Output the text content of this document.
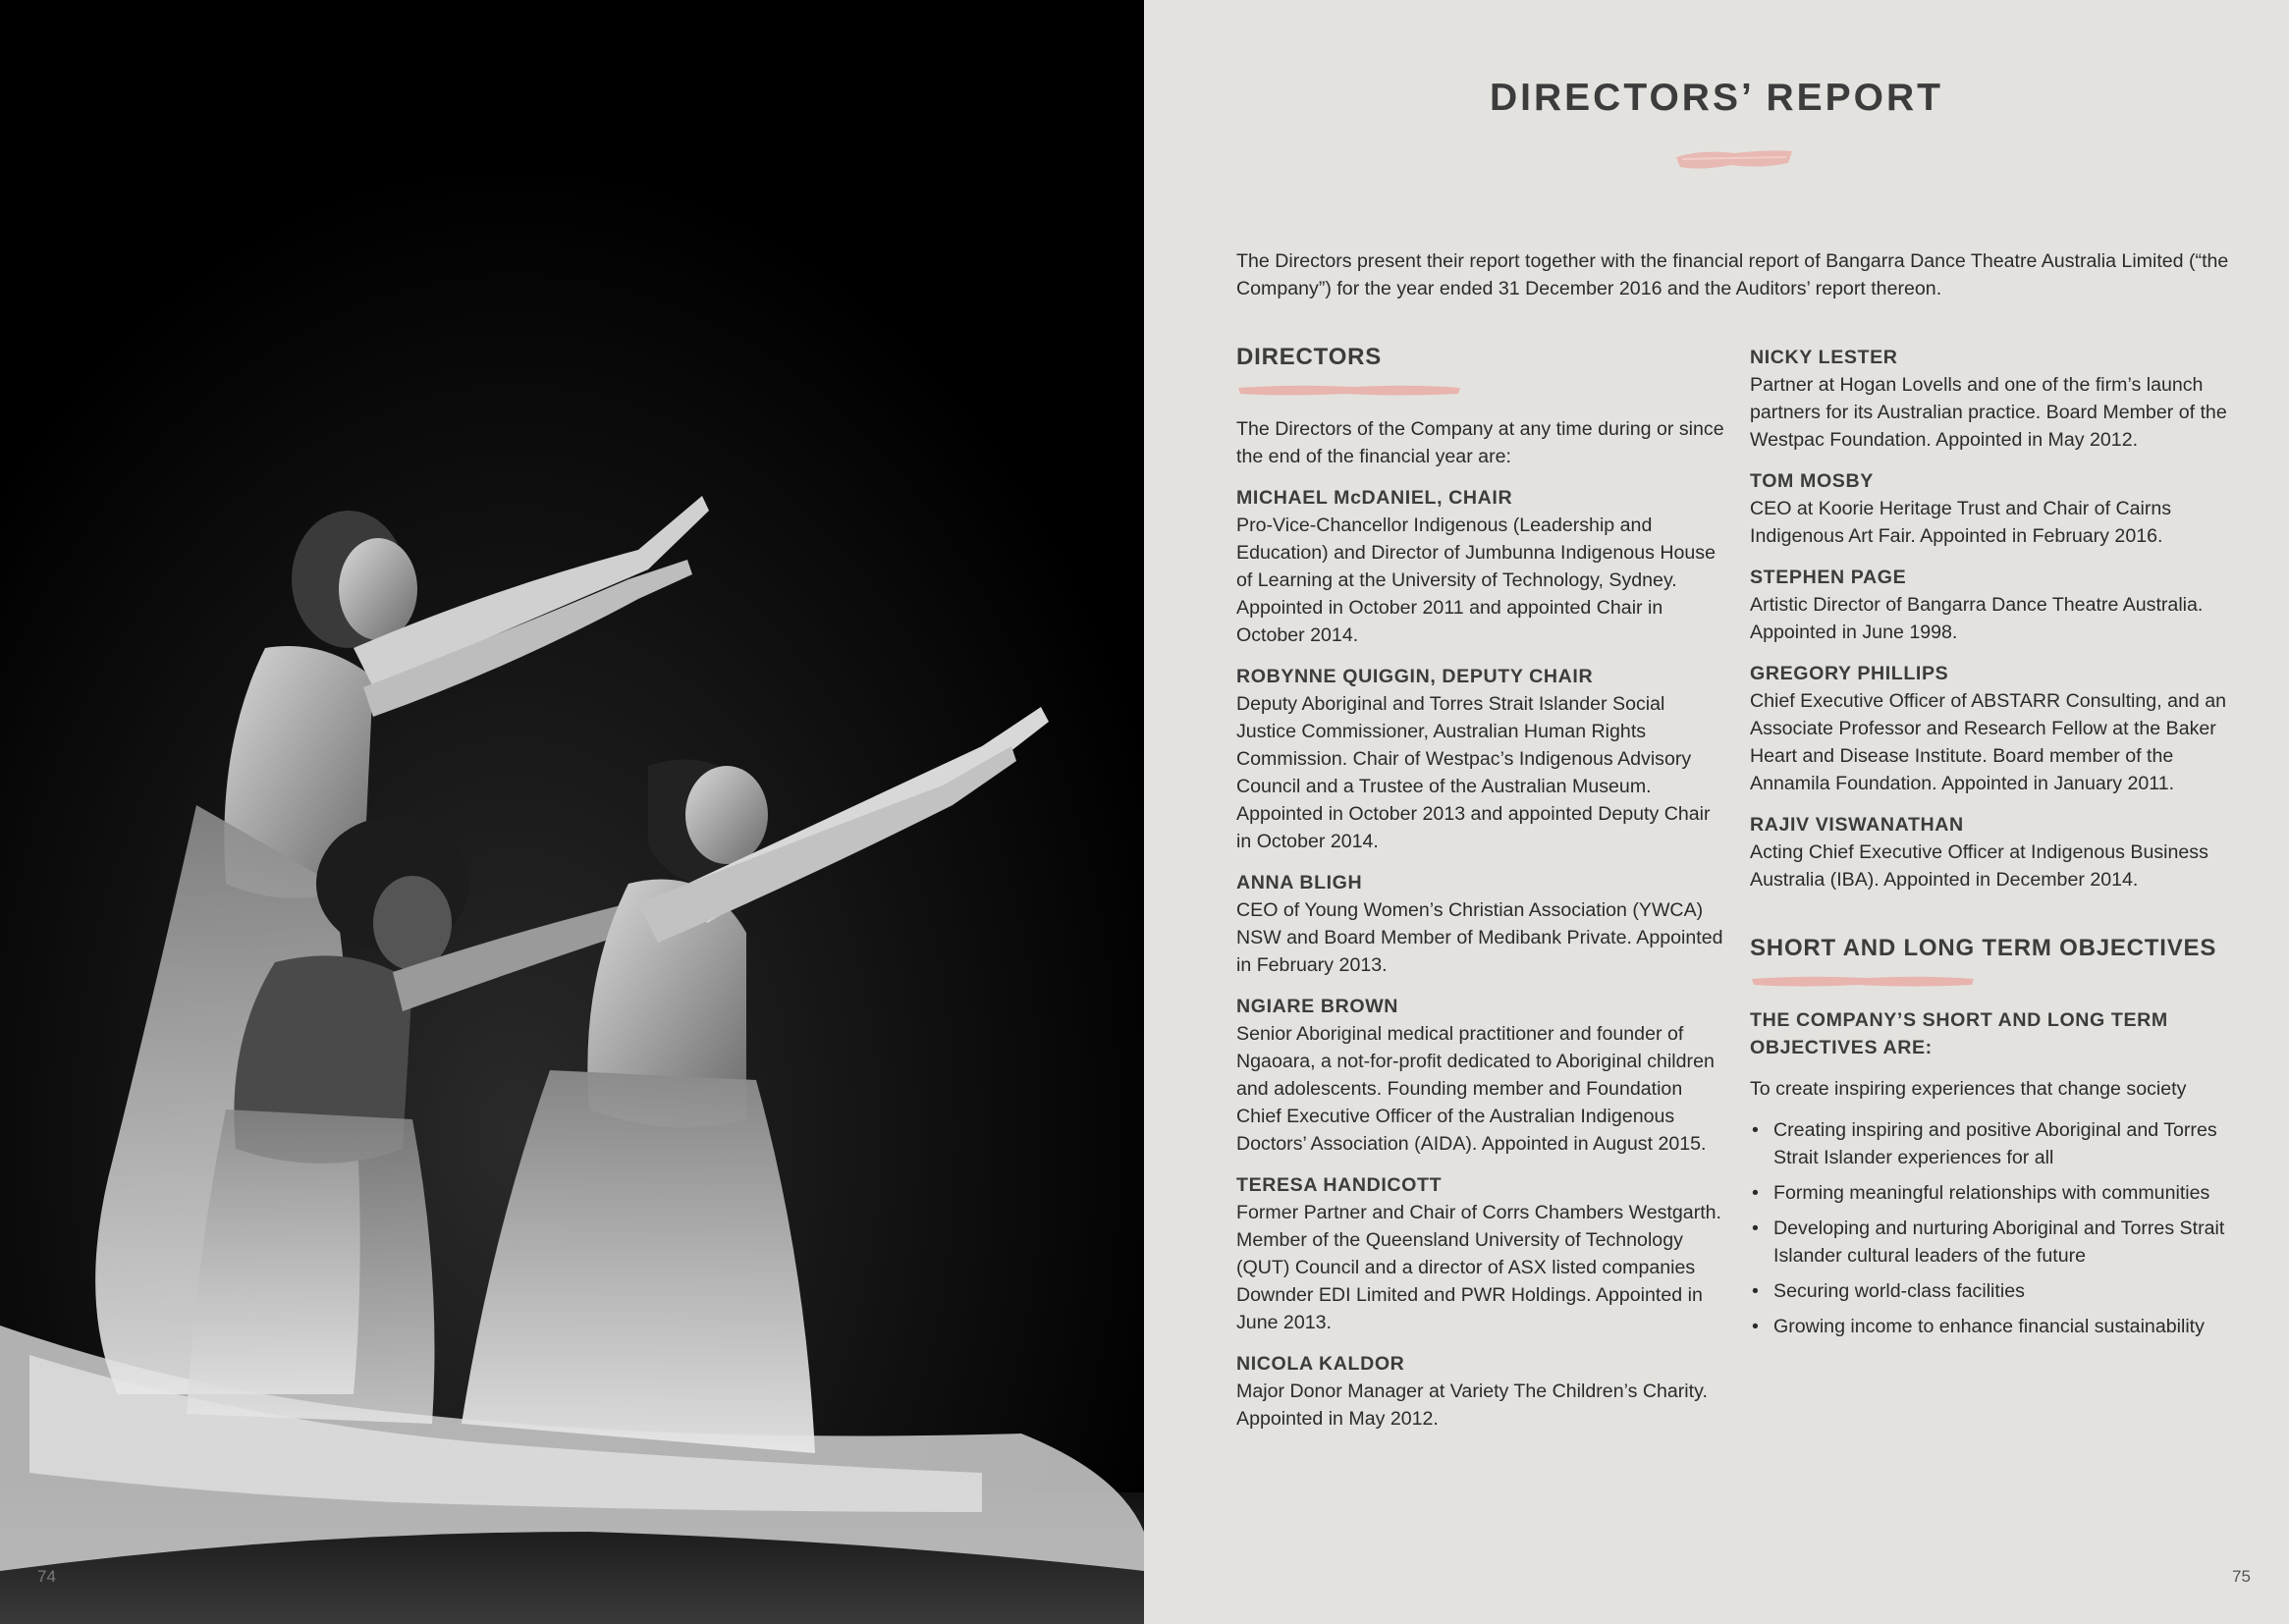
74
DIRECTORS’ REPORT
The Directors present their report together with the financial report of Bangarra Dance Theatre Australia Limited (“the Company”) for the year ended 31 December 2016 and the Auditors’ report thereon.
DIRECTORS

The Directors of the Company at any time during or since the end of the financial year are:

MICHAEL McDANIEL, CHAIR
Pro-Vice-Chancellor Indigenous (Leadership and Education) and Director of Jumbunna Indigenous House of Learning at the University of Technology, Sydney. Appointed in October 2011 and appointed Chair in October 2014.
ROBYNNE QUIGGIN, DEPUTY CHAIR
Deputy Aboriginal and Torres Strait Islander Social Justice Commissioner, Australian Human Rights Commission. Chair of Westpac’s Indigenous Advisory Council and a Trustee of the Australian Museum. Appointed in October 2013 and appointed Deputy Chair in October 2014.
ANNA BLIGH
CEO of Young Women’s Christian Association (YWCA) NSW and Board Member of Medibank Private. Appointed in February 2013.
NGIARE BROWN
Senior Aboriginal medical practitioner and founder of Ngaoara, a not-for-profit dedicated to Aboriginal children and adolescents. Founding member and Foundation Chief Executive Officer of the Australian Indigenous Doctors’ Association (AIDA). Appointed in August 2015.
TERESA HANDICOTT
Former Partner and Chair of Corrs Chambers Westgarth. Member of the Queensland University of Technology (QUT) Council and a director of ASX listed companies Downder EDI Limited and PWR Holdings. Appointed in June 2013.
NICOLA KALDOR
Major Donor Manager at Variety The Children’s Charity. Appointed in May 2012.
NICKY LESTER
Partner at Hogan Lovells and one of the firm’s launch partners for its Australian practice. Board Member of the Westpac Foundation. Appointed in May 2012.
TOM MOSBY
CEO at Koorie Heritage Trust and Chair of Cairns Indigenous Art Fair. Appointed in February 2016.
STEPHEN PAGE
Artistic Director of Bangarra Dance Theatre Australia. Appointed in June 1998.
GREGORY PHILLIPS
Chief Executive Officer of ABSTARR Consulting, and an Associate Professor and Research Fellow at the Baker Heart and Disease Institute. Board member of the Annamila Foundation. Appointed in January 2011.
RAJIV VISWANATHAN
Acting Chief Executive Officer at Indigenous Business Australia (IBA). Appointed in December 2014.
SHORT AND LONG TERM OBJECTIVES
THE COMPANY’S SHORT AND LONG TERM OBJECTIVES ARE:

To create inspiring experiences that change society

• Creating inspiring and positive Aboriginal and Torres Strait Islander experiences for all
• Forming meaningful relationships with communities
• Developing and nurturing Aboriginal and Torres Strait Islander cultural leaders of the future
• Securing world-class facilities
• Growing income to enhance financial sustainability
75
